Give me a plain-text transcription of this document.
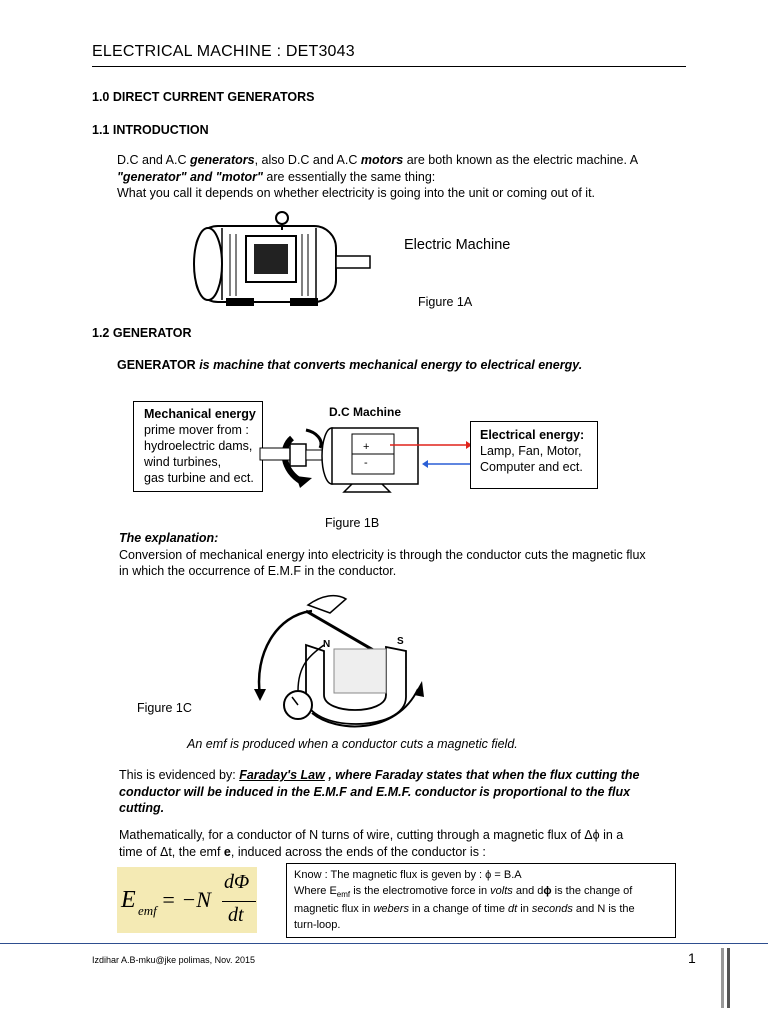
ELECTRICAL MACHINE : DET3043
1.0 DIRECT CURRENT GENERATORS
1.1 INTRODUCTION
D.C and A.C generators, also D.C and A.C motors are both known as the electric machine. A
"generator" and "motor" are essentially the same thing:
What you call it depends on whether electricity is going into the unit or coming out of it.
Electric Machine
Figure 1A
1.2 GENERATOR
GENERATOR is machine that converts mechanical energy to electrical energy.
Mechanical energy
prime mover from :
hydroelectric dams,
wind turbines,
gas turbine and ect.
D.C Machine
+
-
Electrical energy:
Lamp, Fan, Motor,
Computer and ect.
Figure 1B
The explanation:
Conversion of mechanical energy into electricity is through the conductor cuts the magnetic flux
in which the occurrence of E.M.F in the conductor.
N	S
Figure 1C
An emf is produced when a conductor cuts a magnetic field.
This is evidenced by: Faraday's Law , where Faraday states that when the flux cutting the
conductor will be induced in the E.M.F and E.M.F. conductor is proportional to the flux
cutting.
Mathematically, for a conductor of N turns of wire, cutting through a magnetic flux of Δϕ in a
time of Δt, the emf e, induced across the ends of the conductor is :
E emf = −N
dΦ
dt
Know : The magnetic flux is geven by : ϕ = B.A
Where $E_{emf}$ is the electromotive force in volts and dϕ is the change of
magnetic flux in webers in a change of time dt in seconds and N is the
turn-loop.
Izdihar A.B-mku@jke polimas, Nov. 2015	1
